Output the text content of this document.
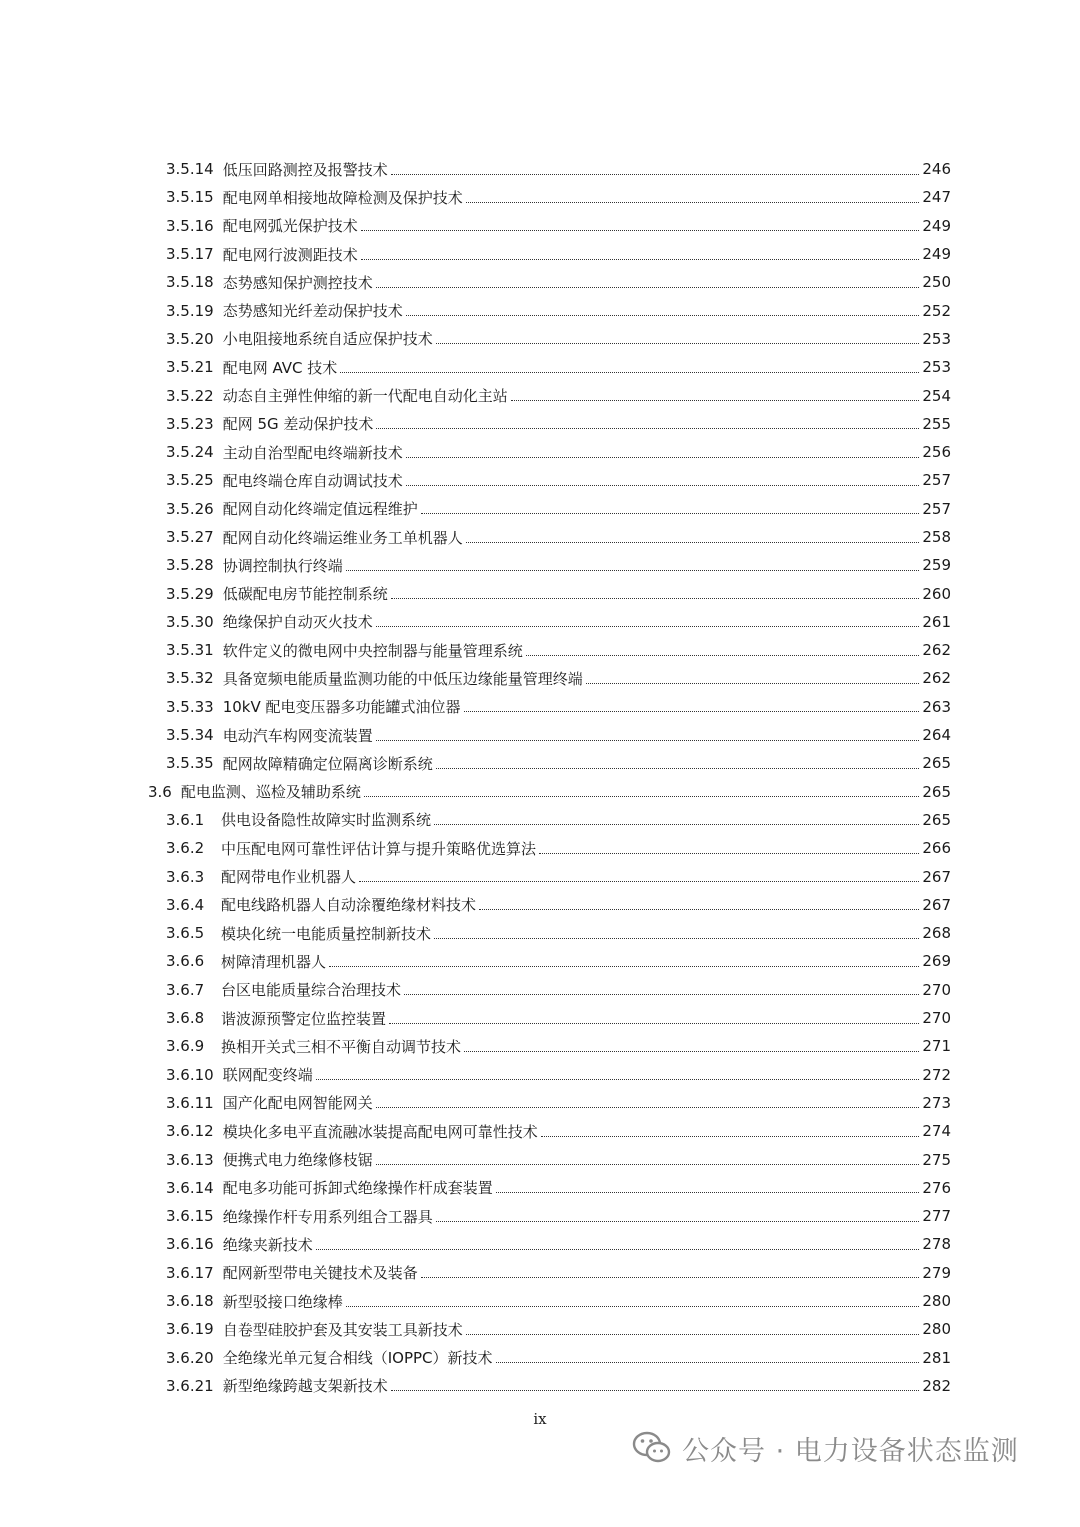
3.5.14 低压回路测控及报警技术	246
3.5.15 配电网单相接地故障检测及保护技术	247
3.5.16 配电网弧光保护技术	249
3.5.17 配电网行波测距技术	249
3.5.18 态势感知保护测控技术	250
3.5.19 态势感知光纤差动保护技术	252
3.5.20 小电阻接地系统自适应保护技术	253
3.5.21 配电网 AVC 技术	253
3.5.22 动态自主弹性伸缩的新一代配电自动化主站	254
3.5.23 配网 5G 差动保护技术	255
3.5.24 主动自治型配电终端新技术	256
3.5.25 配电终端仓库自动调试技术	257
3.5.26 配网自动化终端定值远程维护	257
3.5.27 配网自动化终端运维业务工单机器人	258
3.5.28 协调控制执行终端	259
3.5.29 低碳配电房节能控制系统	260
3.5.30 绝缘保护自动灭火技术	261
3.5.31 软件定义的微电网中央控制器与能量管理系统	262
3.5.32 具备宽频电能质量监测功能的中低压边缘能量管理终端	262
3.5.33 10kV 配电变压器多功能罐式油位器	263
3.5.34 电动汽车构网变流装置	264
3.5.35 配网故障精确定位隔离诊断系统	265
3.6 配电监测、巡检及辅助系统	265
3.6.1	供电设备隐性故障实时监测系统	265
3.6.2	中压配电网可靠性评估计算与提升策略优选算法	266
3.6.3	配网带电作业机器人	267
3.6.4	配电线路机器人自动涂覆绝缘材料技术	267
3.6.5	模块化统一电能质量控制新技术	268
3.6.6	树障清理机器人	269
3.6.7	台区电能质量综合治理技术	270
3.6.8	谐波源预警定位监控装置	270
3.6.9	换相开关式三相不平衡自动调节技术	271
3.6.10 联网配变终端	272
3.6.11 国产化配电网智能网关	273
3.6.12 模块化多电平直流融冰装提高配电网可靠性技术	274
3.6.13 便携式电力绝缘修枝锯	275
3.6.14 配电多功能可拆卸式绝缘操作杆成套装置	276
3.6.15 绝缘操作杆专用系列组合工器具	277
3.6.16 绝缘夹新技术	278
3.6.17 配网新型带电关键技术及装备	279
3.6.18 新型驳接口绝缘棒	280
3.6.19 自卷型硅胶护套及其安装工具新技术	280
3.6.20 全绝缘光单元复合相线（IOPPC）新技术	281
3.6.21 新型绝缘跨越支架新技术	282
ix
公众号 · 电力设备状态监测
